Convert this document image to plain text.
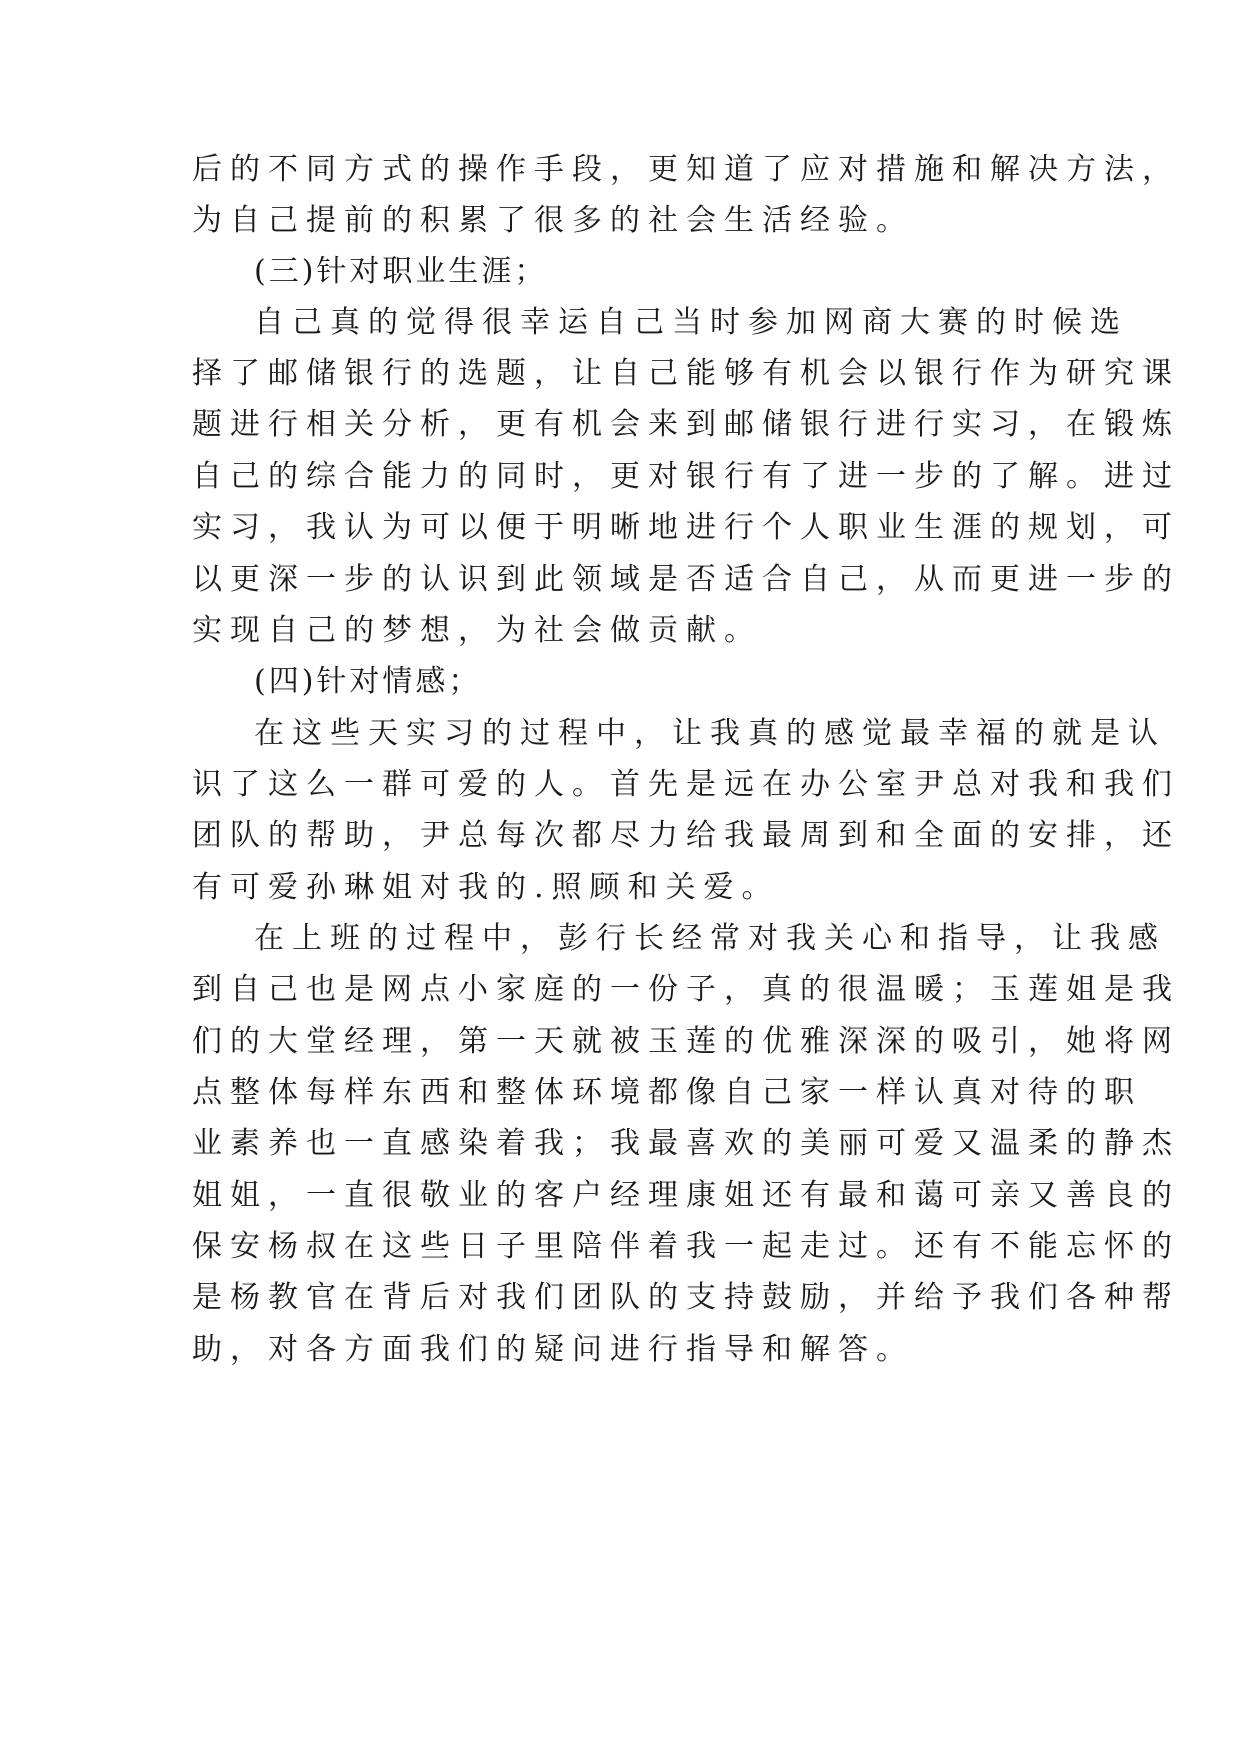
后的不同方式的操作手段，更知道了应对措施和解决方法，

为自己提前的积累了很多的社会生活经验。

(三)针对职业生涯；

自己真的觉得很幸运自己当时参加网商大赛的时候选

择了邮储银行的选题，让自己能够有机会以银行作为研究课

题进行相关分析，更有机会来到邮储银行进行实习，在锻炼

自己的综合能力的同时，更对银行有了进一步的了解。进过

实习，我认为可以便于明晰地进行个人职业生涯的规划，可

以更深一步的认识到此领域是否适合自己，从而更进一步的

实现自己的梦想，为社会做贡献。

(四)针对情感；

在这些天实习的过程中，让我真的感觉最幸福的就是认

识了这么一群可爱的人。首先是远在办公室尹总对我和我们

团队的帮助，尹总每次都尽力给我最周到和全面的安排，还

有可爱孙琳姐对我的.照顾和关爱。

在上班的过程中，彭行长经常对我关心和指导，让我感

到自己也是网点小家庭的一份子，真的很温暖；玉莲姐是我

们的大堂经理，第一天就被玉莲的优雅深深的吸引，她将网

点整体每样东西和整体环境都像自己家一样认真对待的职

业素养也一直感染着我；我最喜欢的美丽可爱又温柔的静杰

姐姐，一直很敬业的客户经理康姐还有最和蔼可亲又善良的

保安杨叔在这些日子里陪伴着我一起走过。还有不能忘怀的

是杨教官在背后对我们团队的支持鼓励，并给予我们各种帮

助，对各方面我们的疑问进行指导和解答。
